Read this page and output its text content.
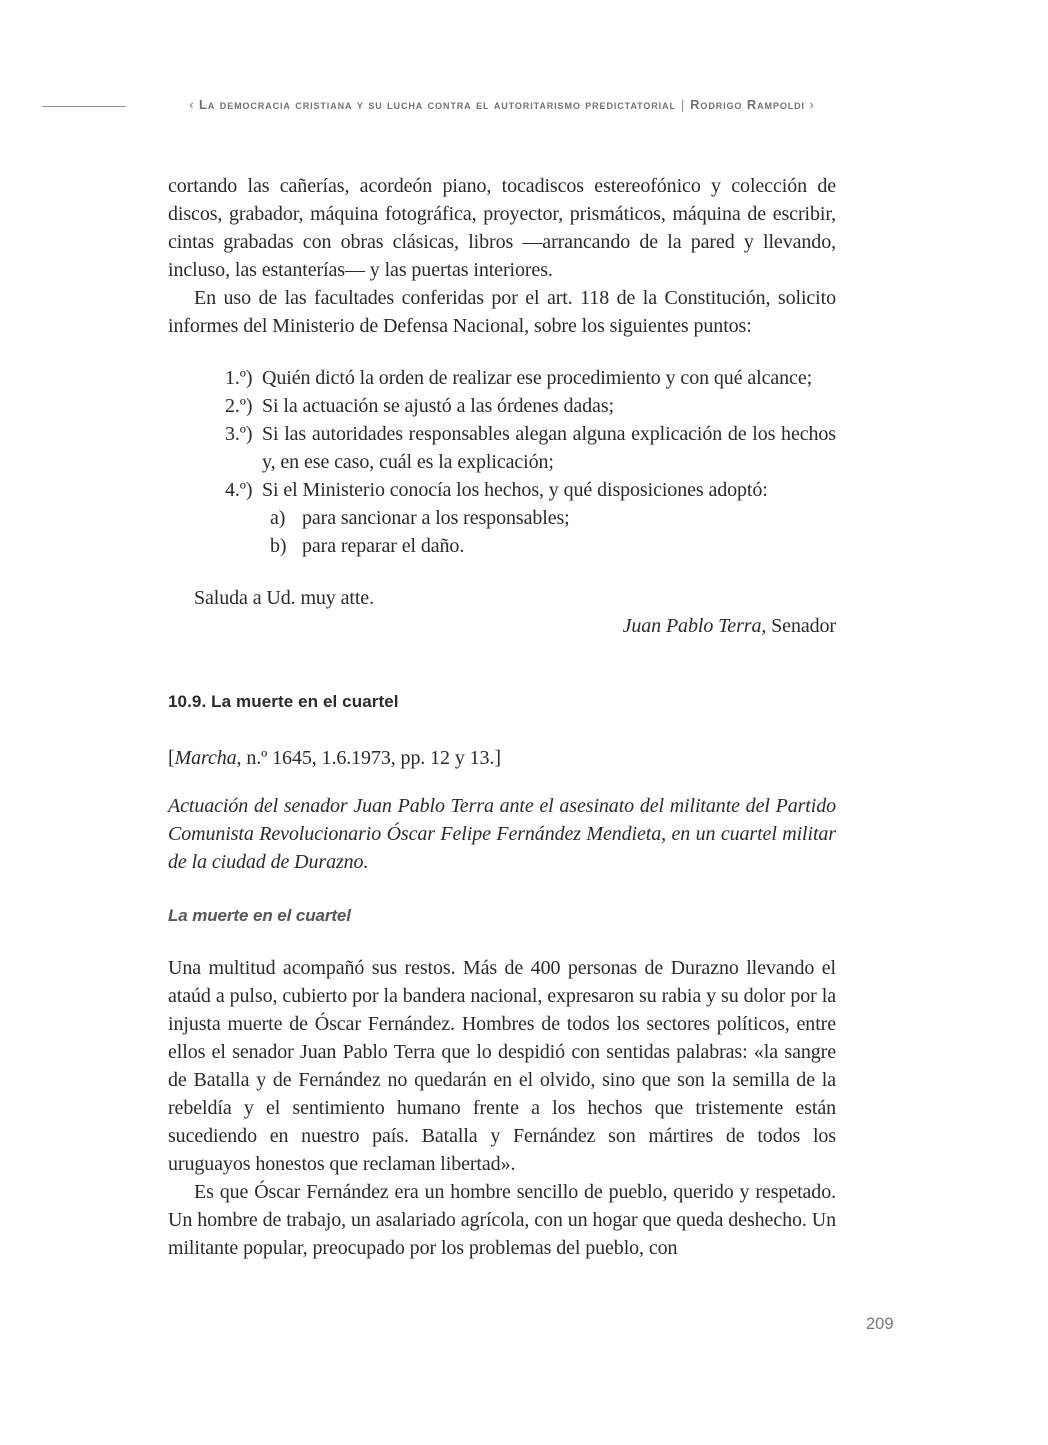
‹ La democracia cristiana y su lucha contra el autoritarismo predictatorial | Rodrigo Rampoldi ›

cortando las cañerías, acordeón piano, tocadiscos estereofónico y colección de discos, grabador, máquina fotográfica, proyector, prismáticos, máquina de escribir, cintas grabadas con obras clásicas, libros —arrancando de la pared y llevando, incluso, las estanterías— y las puertas interiores.

En uso de las facultades conferidas por el art. 118 de la Constitución, solicito informes del Ministerio de Defensa Nacional, sobre los siguientes puntos:

1.º) Quién dictó la orden de realizar ese procedimiento y con qué alcance;
2.º) Si la actuación se ajustó a las órdenes dadas;
3.º) Si las autoridades responsables alegan alguna explicación de los hechos y, en ese caso, cuál es la explicación;
4.º) Si el Ministerio conocía los hechos, y qué disposiciones adoptó:
a) para sancionar a los responsables;
b) para reparar el daño.

Saluda a Ud. muy atte.

Juan Pablo Terra, Senador

10.9. La muerte en el cuartel

[Marcha, n.º 1645, 1.6.1973, pp. 12 y 13.]

Actuación del senador Juan Pablo Terra ante el asesinato del militante del Partido Comunista Revolucionario Óscar Felipe Fernández Mendieta, en un cuartel militar de la ciudad de Durazno.

La muerte en el cuartel

Una multitud acompañó sus restos. Más de 400 personas de Durazno llevando el ataúd a pulso, cubierto por la bandera nacional, expresaron su rabia y su dolor por la injusta muerte de Óscar Fernández. Hombres de todos los sectores políticos, entre ellos el senador Juan Pablo Terra que lo despidió con sentidas palabras: «la sangre de Batalla y de Fernández no quedarán en el olvido, sino que son la semilla de la rebeldía y el sentimiento humano frente a los hechos que tristemente están sucediendo en nuestro país. Batalla y Fernández son mártires de todos los uruguayos honestos que reclaman libertad».

Es que Óscar Fernández era un hombre sencillo de pueblo, querido y respetado. Un hombre de trabajo, un asalariado agrícola, con un hogar que queda deshecho. Un militante popular, preocupado por los problemas del pueblo, con

209
